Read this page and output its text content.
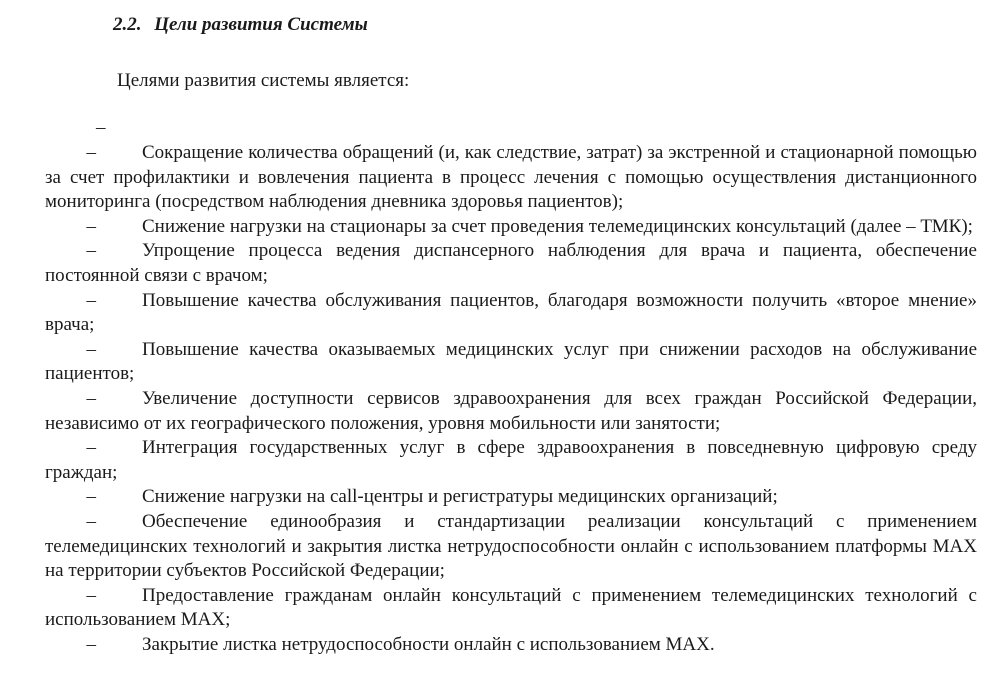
2.2. Цели развития Системы
Целями развития системы является:
–
– Сокращение количества обращений (и, как следствие, затрат) за экстренной и стационарной помощью за счет профилактики и вовлечения пациента в процесс лечения с помощью осуществления дистанционного мониторинга (посредством наблюдения дневника здоровья пациентов);
– Снижение нагрузки на стационары за счет проведения телемедицинских консультаций (далее – ТМК);
– Упрощение процесса ведения диспансерного наблюдения для врача и пациента, обеспечение постоянной связи с врачом;
– Повышение качества обслуживания пациентов, благодаря возможности получить «второе мнение» врача;
– Повышение качества оказываемых медицинских услуг при снижении расходов на обслуживание пациентов;
– Увеличение доступности сервисов здравоохранения для всех граждан Российской Федерации, независимо от их географического положения, уровня мобильности или занятости;
– Интеграция государственных услуг в сфере здравоохранения в повседневную цифровую среду граждан;
– Снижение нагрузки на call-центры и регистратуры медицинских организаций;
– Обеспечение единообразия и стандартизации реализации консультаций с применением телемедицинских технологий и закрытия листка нетрудоспособности онлайн с использованием платформы МАХ на территории субъектов Российской Федерации;
– Предоставление гражданам онлайн консультаций с применением телемедицинских технологий с использованием МАХ;
– Закрытие листка нетрудоспособности онлайн с использованием МАХ.
